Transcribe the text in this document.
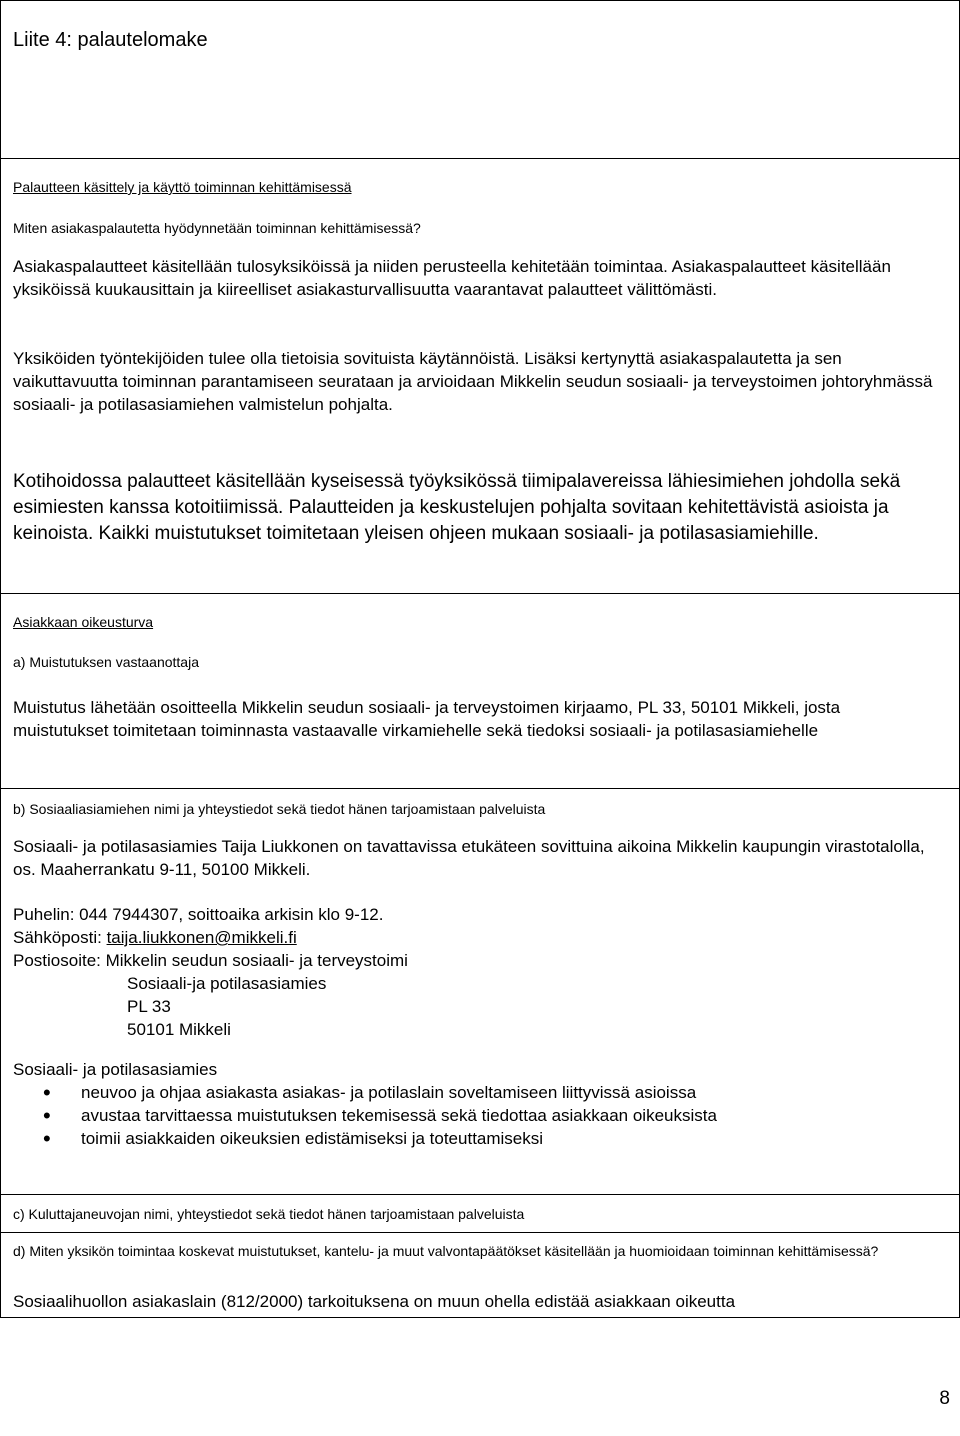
Liite 4: palautelomake
Palautteen käsittely ja käyttö toiminnan kehittämisessä
Miten asiakaspalautetta hyödynnetään toiminnan kehittämisessä?
Asiakaspalautteet käsitellään tulosyksiköissä ja niiden perusteella kehitetään toimintaa. Asiakaspalautteet käsitellään yksiköissä kuukausittain ja kiireelliset asiakasturvallisuutta vaarantavat palautteet välittömästi.
Yksiköiden työntekijöiden tulee olla tietoisia sovituista käytännöistä. Lisäksi kertynyttä asiakaspalautetta ja sen vaikuttavuutta toiminnan parantamiseen seurataan ja arvioidaan Mikkelin seudun sosiaali- ja terveystoimen johtoryhmässä sosiaali- ja potilasasiamiehen valmistelun pohjalta.
Kotihoidossa palautteet käsitellään kyseisessä työyksikössä tiimipalavereissa lähiesimiehen johdolla sekä esimiesten kanssa kotoitiimissä. Palautteiden ja keskustelujen pohjalta sovitaan kehitettävistä asioista ja keinoista. Kaikki muistutukset toimitetaan yleisen ohjeen mukaan sosiaali- ja potilasasiamiehille.
Asiakkaan oikeusturva
a) Muistutuksen vastaanottaja
Muistutus lähetään osoitteella Mikkelin seudun sosiaali- ja terveystoimen kirjaamo, PL 33, 50101 Mikkeli, josta muistutukset toimitetaan toiminnasta vastaavalle virkamiehelle sekä tiedoksi sosiaali- ja potilasasiamiehelle
b) Sosiaaliasiamiehen nimi ja yhteystiedot sekä tiedot hänen tarjoamistaan palveluista
Sosiaali- ja potilasasiamies Taija Liukkonen on tavattavissa etukäteen sovittuina aikoina Mikkelin kaupungin virastotalolla, os. Maaherrankatu 9-11, 50100 Mikkeli.
Puhelin: 044 7944307, soittoaika arkisin klo 9-12.
Sähköposti: taija.liukkonen@mikkeli.fi
Postiosoite: Mikkelin seudun sosiaali- ja terveystoimi
Sosiaali-ja potilasasiamies
PL 33
50101 Mikkeli
Sosiaali- ja potilasasiamies
• neuvoo ja ohjaa asiakasta asiakas- ja potilaslain soveltamiseen liittyvissä asioissa
• avustaa tarvittaessa muistutuksen tekemisessä sekä tiedottaa asiakkaan oikeuksista
• toimii asiakkaiden oikeuksien edistämiseksi ja toteuttamiseksi
c) Kuluttajaneuvojan nimi, yhteystiedot sekä tiedot hänen tarjoamistaan palveluista
d) Miten yksikön toimintaa koskevat muistutukset, kantelu- ja muut valvontapäätökset käsitellään ja huomioidaan toiminnan kehittämisessä?
Sosiaalihuollon asiakaslain (812/2000) tarkoituksena on muun ohella edistää asiakkaan oikeutta
8
